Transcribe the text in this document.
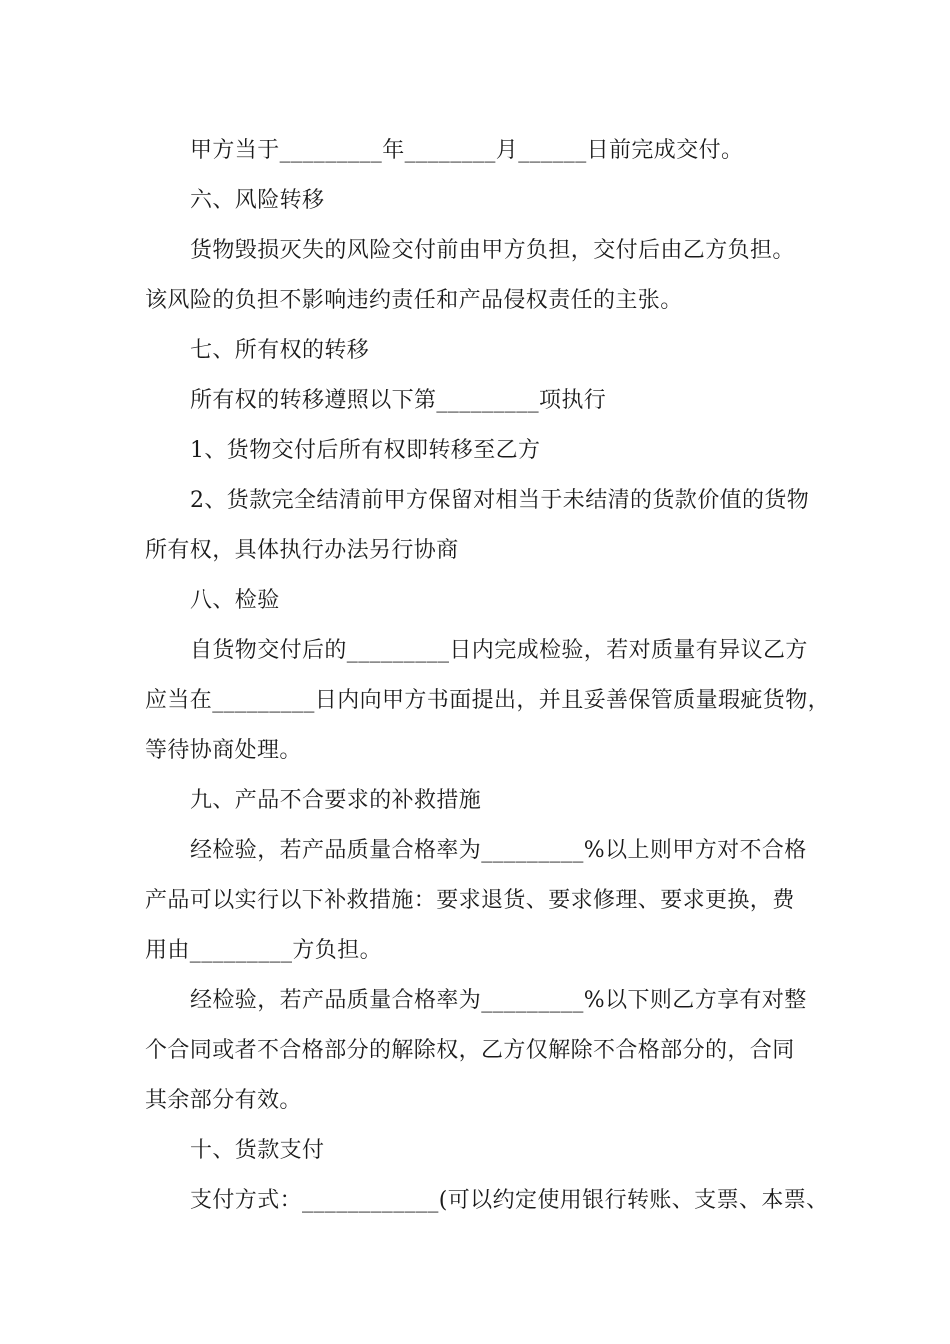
甲方当于_________年________月______日前完成交付。
六、风险转移
货物毁损灭失的风险交付前由甲方负担，交付后由乙方负担。
该风险的负担不影响违约责任和产品侵权责任的主张。
七、所有权的转移
所有权的转移遵照以下第_________项执行
1、货物交付后所有权即转移至乙方
2、货款完全结清前甲方保留对相当于未结清的货款价值的货物
所有权，具体执行办法另行协商
八、检验
自货物交付后的_________日内完成检验，若对质量有异议乙方
应当在_________日内向甲方书面提出，并且妥善保管质量瑕疵货物，
等待协商处理。
九、产品不合要求的补救措施
经检验，若产品质量合格率为_________%以上则甲方对不合格
产品可以实行以下补救措施：要求退货、要求修理、要求更换，费
用由_________方负担。
经检验，若产品质量合格率为_________%以下则乙方享有对整
个合同或者不合格部分的解除权，乙方仅解除不合格部分的，合同
其余部分有效。
十、货款支付
支付方式：____________(可以约定使用银行转账、支票、本票、
